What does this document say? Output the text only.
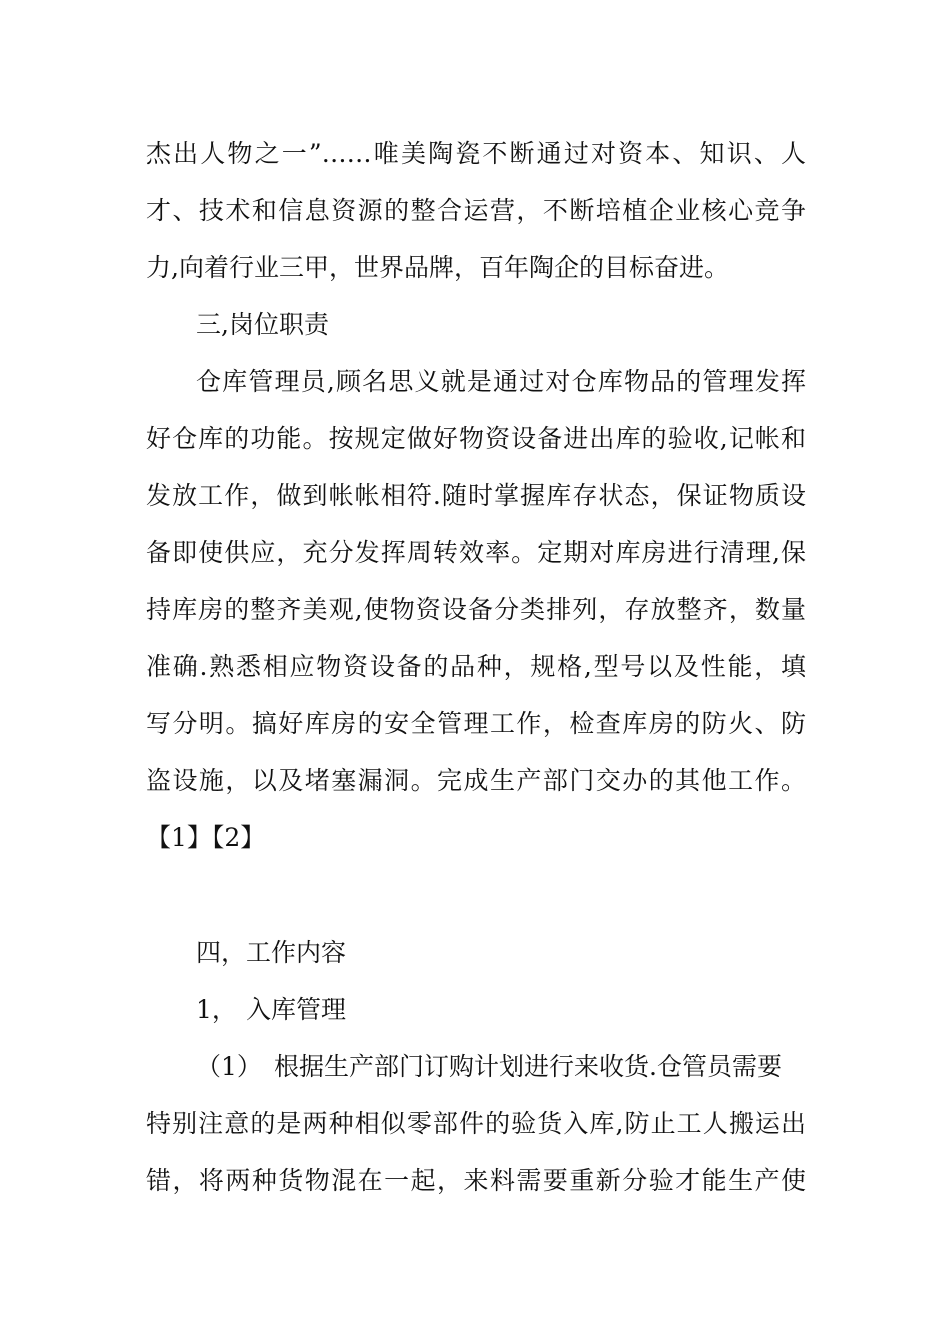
杰出人物之一”……唯美陶瓷不断通过对资本、知识、人
才、技术和信息资源的整合运营，不断培植企业核心竞争
力,向着行业三甲，世界品牌，百年陶企的目标奋进。
三,岗位职责
仓库管理员,顾名思义就是通过对仓库物品的管理发挥
好仓库的功能。按规定做好物资设备进出库的验收,记帐和
发放工作，做到帐帐相符.随时掌握库存状态，保证物质设
备即使供应，充分发挥周转效率。定期对库房进行清理,保
持库房的整齐美观,使物资设备分类排列，存放整齐，数量
准确.熟悉相应物资设备的品种，规格,型号以及性能，填
写分明。搞好库房的安全管理工作，检查库房的防火、防
盗设施，以及堵塞漏洞。完成生产部门交办的其他工作。
【1】【2】
四，工作内容
1， 入库管理
（1） 根据生产部门订购计划进行来收货.仓管员需要
特别注意的是两种相似零部件的验货入库,防止工人搬运出
错，将两种货物混在一起，来料需要重新分验才能生产使
